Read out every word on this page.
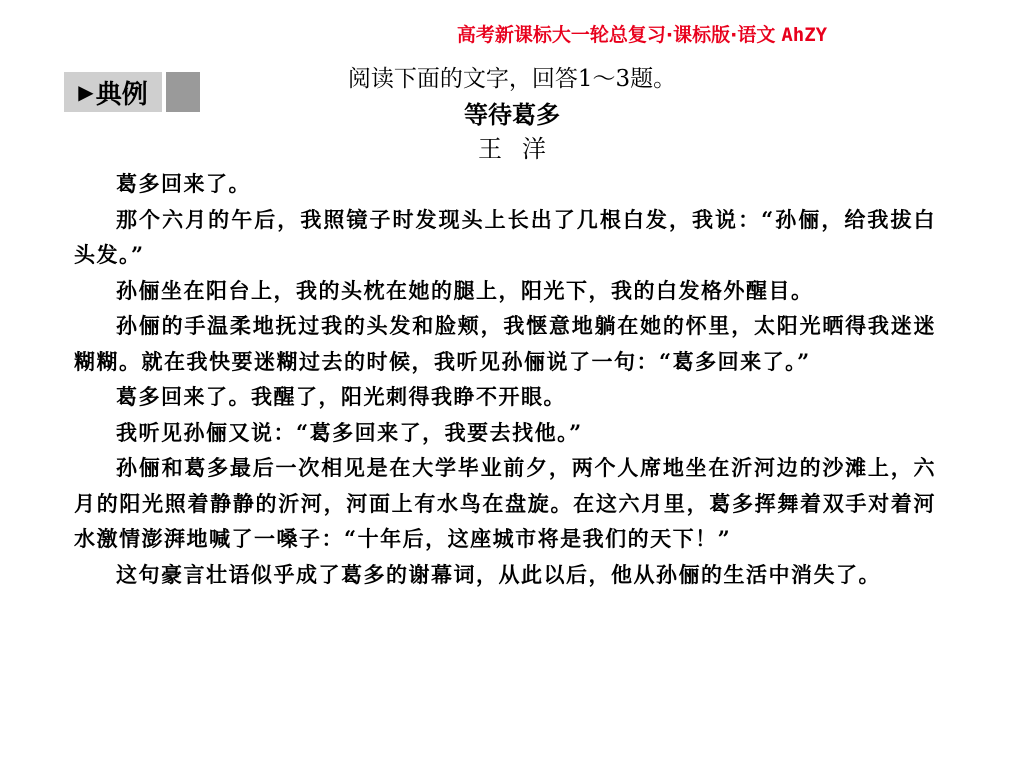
高考新课标大一轮总复习·课标版·语文 AhZY
▶ 典例
阅读下面的文字，回答1～3题。
等待葛多
王洋

葛多回来了。

那个六月的午后，我照镜子时发现头上长出了几根白发，我说：“孙俪，给我拔白头发。”

孙俪坐在阳台上，我的头枕在她的腿上，阳光下，我的白发格外醒目。

孙俪的手温柔地抚过我的头发和脸颊，我惬意地躺在她的怀里，太阳光晒得我迷迷糊糊。就在我快要迷糊过去的时候，我听见孙俪说了一句：“葛多回来了。”

葛多回来了。我醒了，阳光刺得我睁不开眼。

我听见孙俪又说：“葛多回来了，我要去找他。”

孙俪和葛多最后一次相见是在大学毕业前夕，两个人席地坐在沂河边的沙滩上，六月的阳光照着静静的沂河，河面上有水鸟在盘旋。在这六月里，葛多挥舞着双手对着河水激情澎湃地喊了一嗓子：“十年后，这座城市将是我们的天下！”

这句豪言壮语似乎成了葛多的谢幕词，从此以后，他从孙俪的生活中消失了。
